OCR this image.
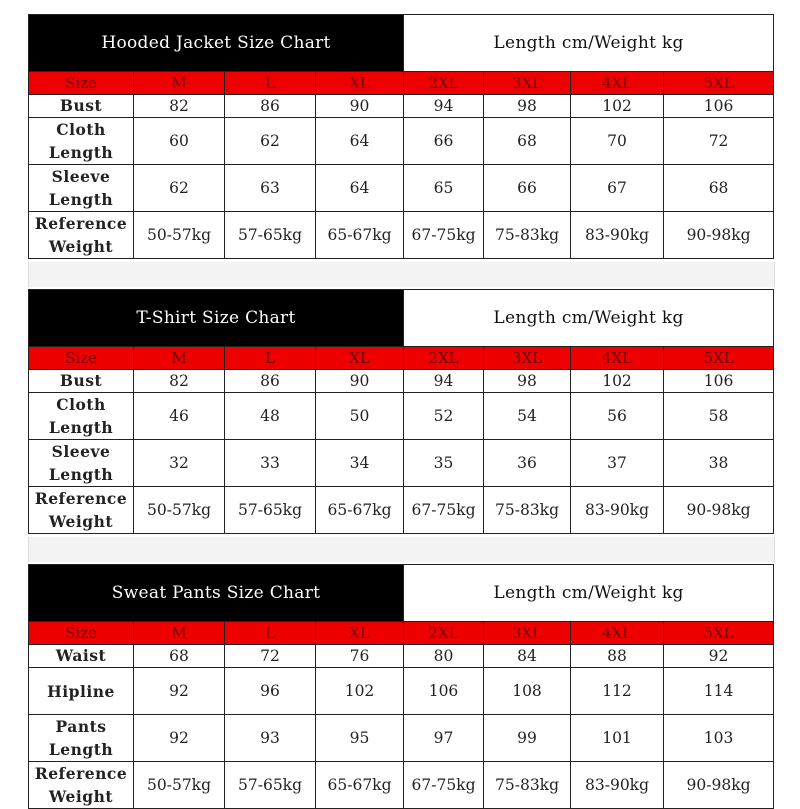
Hooded Jacket Size Chart				Length cm/Weight kg			
Size	M	L	XL	2XL	3XL	4XL	5XL
Bust	82	86	90	94	98	102	106
Cloth Length	60	62	64	66	68	70	72
Sleeve Length	62	63	64	65	66	67	68
Reference Weight	50-57kg	57-65kg	65-67kg	67-75kg	75-83kg	83-90kg	90-98kg
T-Shirt Size Chart				Length cm/Weight kg			
Size	M	L	XL	2XL	3XL	4XL	5XL
Bust	82	86	90	94	98	102	106
Cloth Length	46	48	50	52	54	56	58
Sleeve Length	32	33	34	35	36	37	38
Reference Weight	50-57kg	57-65kg	65-67kg	67-75kg	75-83kg	83-90kg	90-98kg
Sweat Pants Size Chart				Length cm/Weight kg			
Size	M	L	XL	2XL	3XL	4XL	5XL
Waist	68	72	76	80	84	88	92
Hipline	92	96	102	106	108	112	114
Pants Length	92	93	95	97	99	101	103
Reference Weight	50-57kg	57-65kg	65-67kg	67-75kg	75-83kg	83-90kg	90-98kg
